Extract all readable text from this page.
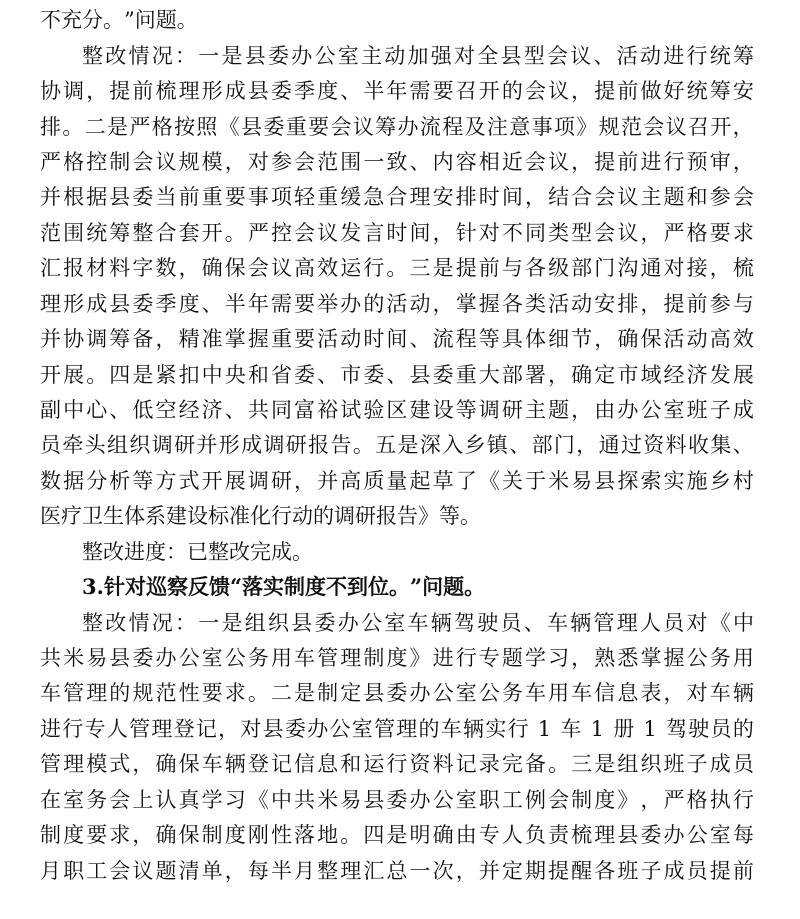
不 充 分 。 ” 问 题 。
整 改 情 况 ： 一 是 县 委 办 公 室 主 动 加 强 对 全 县 型 会 议 、 活 动 进 行 统 筹
协 调 ， 提 前 梳 理 形 成 县 委 季 度 、 半 年 需 要 召 开 的 会 议 ， 提 前 做 好 统 筹 安
排 。 二 是 严 格 按 照 《 县 委 重 要 会 议 筹 办 流 程 及 注 意 事 项 》 规 范 会 议 召 开 ，
严 格 控 制 会 议 规 模 ， 对 参 会 范 围 一 致 、 内 容 相 近 会 议 ， 提 前 进 行 预 审 ，
并 根 据 县 委 当 前 重 要 事 项 轻 重 缓 急 合 理 安 排 时 间 ， 结 合 会 议 主 题 和 参 会
范 围 统 筹 整 合 套 开 。 严 控 会 议 发 言 时 间 ， 针 对 不 同 类 型 会 议 ， 严 格 要 求
汇 报 材 料 字 数 ， 确 保 会 议 高 效 运 行 。 三 是 提 前 与 各 级 部 门 沟 通 对 接 ， 梳
理 形 成 县 委 季 度 、 半 年 需 要 举 办 的 活 动 ， 掌 握 各 类 活 动 安 排 ， 提 前 参 与
并 协 调 筹 备 ， 精 准 掌 握 重 要 活 动 时 间 、 流 程 等 具 体 细 节 ， 确 保 活 动 高 效
开 展 。 四 是 紧 扣 中 央 和 省 委 、 市 委 、 县 委 重 大 部 署 ， 确 定 市 域 经 济 发 展
副 中 心 、 低 空 经 济 、 共 同 富 裕 试 验 区 建 设 等 调 研 主 题 ， 由 办 公 室 班 子 成
员 牵 头 组 织 调 研 并 形 成 调 研 报 告 。 五 是 深 入 乡 镇 、 部 门 ， 通 过 资 料 收 集 、
数 据 分 析 等 方 式 开 展 调 研 ， 并 高 质 量 起 草 了 《 关 于 米 易 县 探 索 实 施 乡 村
医 疗 卫 生 体 系 建 设 标 准 化 行 动 的 调 研 报 告 》 等 。
整 改 进 度 ： 已 整 改 完 成 。
3 . 针 对 巡 察 反 馈 “ 落 实 制 度 不 到 位 。 ” 问 题 。
整 改 情 况 ： 一 是 组 织 县 委 办 公 室 车 辆 驾 驶 员 、 车 辆 管 理 人 员 对 《 中
共 米 易 县 委 办 公 室 公 务 用 车 管 理 制 度 》 进 行 专 题 学 习 ， 熟 悉 掌 握 公 务 用
车 管 理 的 规 范 性 要 求 。 二 是 制 定 县 委 办 公 室 公 务 车 用 车 信 息 表 ， 对 车 辆
进 行 专 人 管 理 登 记 ， 对 县 委 办 公 室 管 理 的 车 辆 实 行
1
车
1
册
1
驾 驶 员 的
管 理 模 式 ， 确 保 车 辆 登 记 信 息 和 运 行 资 料 记 录 完 备 。 三 是 组 织 班 子 成 员
在 室 务 会 上 认 真 学 习 《 中 共 米 易 县 委 办 公 室 职 工 例 会 制 度 》 ， 严 格 执 行
制 度 要 求 ， 确 保 制 度 刚 性 落 地 。 四 是 明 确 由 专 人 负 责 梳 理 县 委 办 公 室 每
月 职 工 会 议 题 清 单 ， 每 半 月 整 理 汇 总 一 次 ， 并 定 期 提 醒 各 班 子 成 员 提 前
